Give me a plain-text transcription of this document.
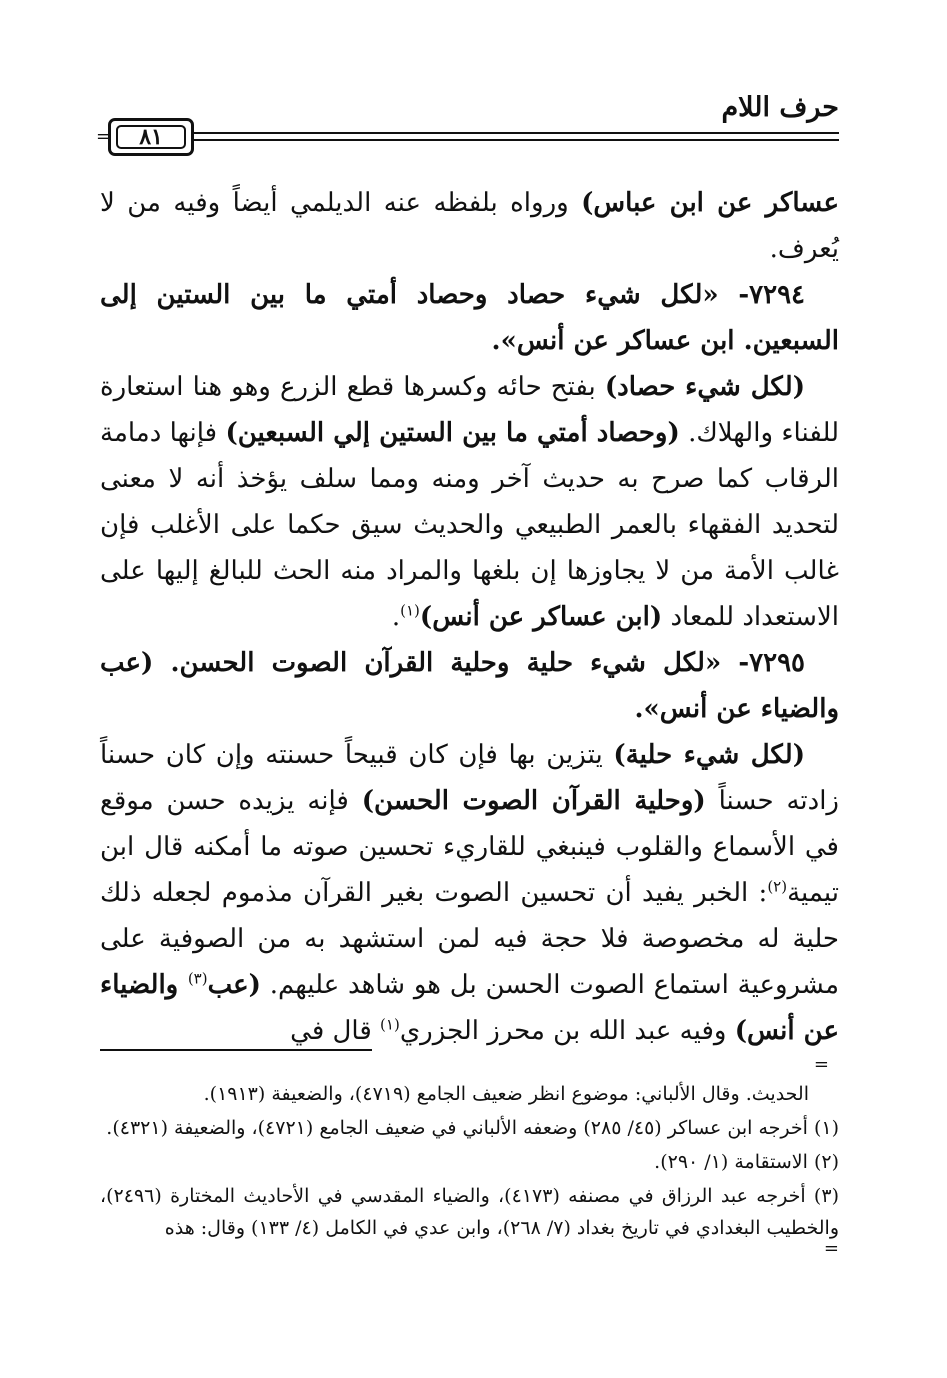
حرف اللام
٨١
=

عساكر عن ابن عباس) ورواه بلفظه عنه الديلمي أيضاً وفيه من لا يُعرف.

٧٢٩٤- «لكل شيء حصاد وحصاد أمتي ما بين الستين إلى السبعين. ابن عساكر عن أنس».

(لكل شيء حصاد) بفتح حائه وكسرها قطع الزرع وهو هنا استعارة للفناء والهلاك. (وحصاد أمتي ما بين الستين إلي السبعين) فإنها دمامة الرقاب كما صرح به حديث آخر ومنه ومما سلف يؤخذ أنه لا معنى لتحديد الفقهاء بالعمر الطبيعي والحديث سيق حكما على الأغلب فإن غالب الأمة من لا يجاوزها إن بلغها والمراد منه الحث للبالغ إليها على الاستعداد للمعاد (ابن عساكر عن أنس)$^{(١)}$.

٧٢٩٥- «لكل شيء حلية وحلية القرآن الصوت الحسن. (عب والضياء عن أنس».

(لكل شيء حلية) يتزين بها فإن كان قبيحاً حسنته وإن كان حسناً زادته حسناً (وحلية القرآن الصوت الحسن) فإنه يزيده حسن موقع في الأسماع والقلوب فينبغي للقاريء تحسين صوته ما أمكنه قال ابن تيمية$^{(٢)}$: الخبر يفيد أن تحسين الصوت بغير القرآن مذموم لجعله ذلك حلية له مخصوصة فلا حجة فيه لمن استشهد به من الصوفية على مشروعية استماع الصوت الحسن بل هو شاهد عليهم. (عب$^{(٣)}$ والضياء عن أنس) وفيه عبد الله بن محرز الجزري$^{(١)}$ قال في

=

الحديث. وقال الألباني: موضوع انظر ضعيف الجامع (٤٧١٩)، والضعيفة (١٩١٣).

(١) أخرجه ابن عساكر (٤٥/ ٢٨٥) وضعفه الألباني في ضعيف الجامع (٤٧٢١)، والضعيفة (٤٣٢١).

(٢) الاستقامة (١/ ٢٩٠).

(٣) أخرجه عبد الرزاق في مصنفه (٤١٧٣)، والضياء المقدسي في الأحاديث المختارة (٢٤٩٦)، والخطيب البغدادي في تاريخ بغداد (٧/ ٢٦٨)، وابن عدي في الكامل (٤/ ١٣٣) وقال: هذه

=
